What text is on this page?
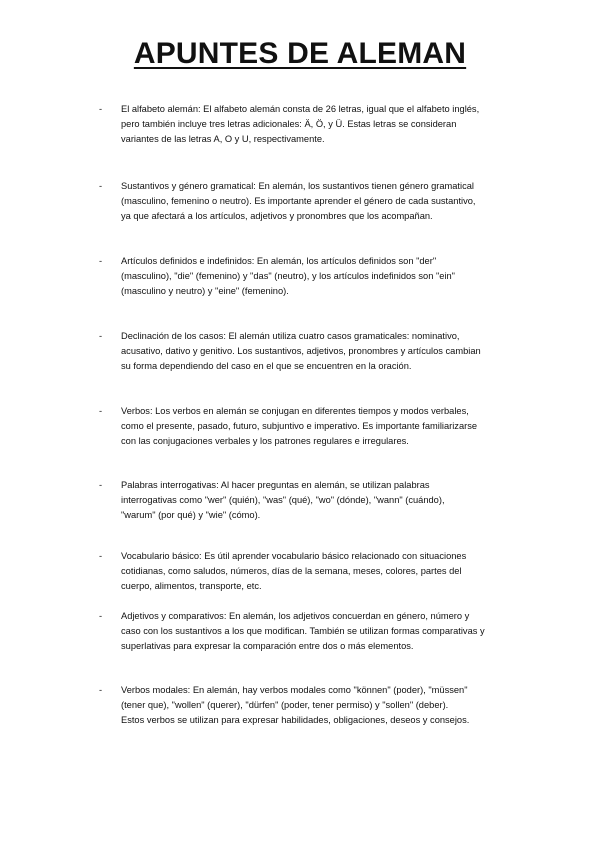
APUNTES DE ALEMAN
-	El alfabeto alemán: El alfabeto alemán consta de 26 letras, igual que el alfabeto inglés,
pero también incluye tres letras adicionales: Ä, Ö, y Ü. Estas letras se consideran
variantes de las letras A, O y U, respectivamente.
-	Sustantivos y género gramatical: En alemán, los sustantivos tienen género gramatical
(masculino, femenino o neutro). Es importante aprender el género de cada sustantivo,
ya que afectará a los artículos, adjetivos y pronombres que los acompañan.
-	Artículos definidos e indefinidos: En alemán, los artículos definidos son "der"
(masculino), "die" (femenino) y "das" (neutro), y los artículos indefinidos son "ein"
(masculino y neutro) y "eine" (femenino).
-	Declinación de los casos: El alemán utiliza cuatro casos gramaticales: nominativo,
acusativo, dativo y genitivo. Los sustantivos, adjetivos, pronombres y artículos cambian
su forma dependiendo del caso en el que se encuentren en la oración.
-	Verbos: Los verbos en alemán se conjugan en diferentes tiempos y modos verbales,
como el presente, pasado, futuro, subjuntivo e imperativo. Es importante familiarizarse
con las conjugaciones verbales y los patrones regulares e irregulares.
-	Palabras interrogativas: Al hacer preguntas en alemán, se utilizan palabras
interrogativas como "wer" (quién), "was" (qué), "wo" (dónde), "wann" (cuándo),
"warum" (por qué) y "wie" (cómo).
-	Vocabulario básico: Es útil aprender vocabulario básico relacionado con situaciones
cotidianas, como saludos, números, días de la semana, meses, colores, partes del
cuerpo, alimentos, transporte, etc.
-	Adjetivos y comparativos: En alemán, los adjetivos concuerdan en género, número y
caso con los sustantivos a los que modifican. También se utilizan formas comparativas y
superlativas para expresar la comparación entre dos o más elementos.
-	Verbos modales: En alemán, hay verbos modales como "können" (poder), "müssen"
(tener que), "wollen" (querer), "dürfen" (poder, tener permiso) y "sollen" (deber).
Estos verbos se utilizan para expresar habilidades, obligaciones, deseos y consejos.
